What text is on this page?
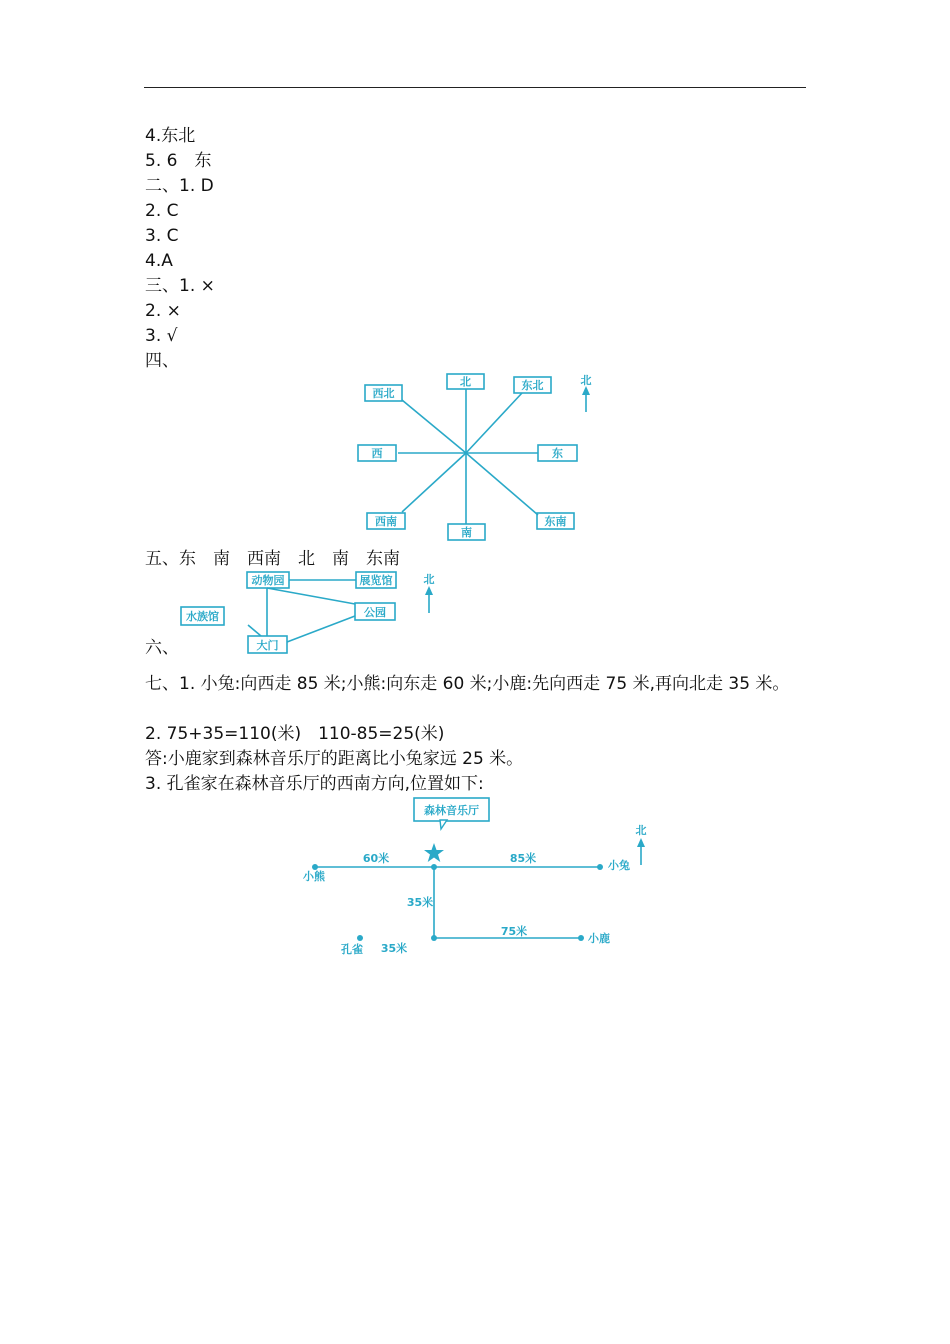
4.东北
5. 6　东
二、1. D
2. C
3. C
4.A
三、1. ×
2. ×
3. √
四、
北	东北
东
东南
南
西南
西
西北
北
五、东　南　西南　北　南　东南
动物园	展览馆
水族馆	公园
大门
北
六、
七、1. 小兔:向西走 85 米;小熊:向东走 60 米;小鹿:先向西走 75 米,再向北走 35 米。
2. 75+35=110(米)　110-85=25(米)
答:小鹿家到森林音乐厅的距离比小兔家远 25 米。
3. 孔雀家在森林音乐厅的西南方向,位置如下:
森林音乐厅
60米	85米
小熊
小兔
35米
75米
小鹿
孔雀 35米
北
